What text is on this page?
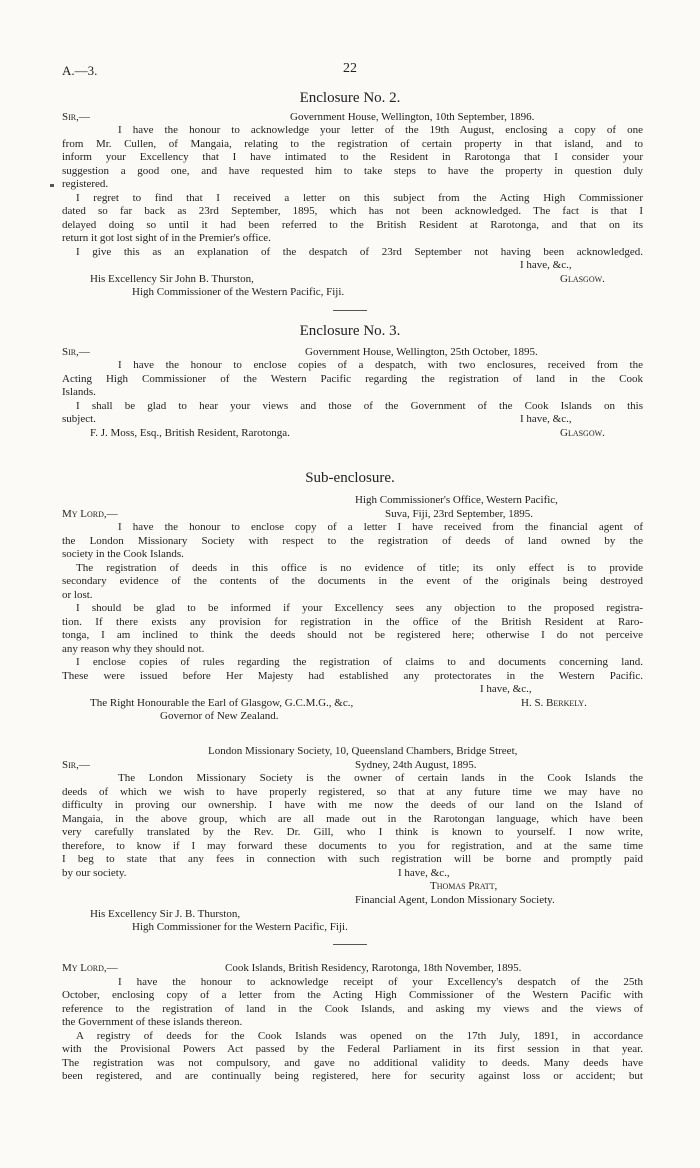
A.—3.	22
Enclosure No. 2.
Sir,—	Government House, Wellington, 10th September, 1896.
I have the honour to acknowledge your letter of the 19th August, enclosing a copy of one
from Mr. Cullen, of Mangaia, relating to the registration of certain property in that island, and to
inform your Excellency that I have intimated to the Resident in Rarotonga that I consider your
suggestion a good one, and have requested him to take steps to have the property in question duly
registered.
I regret to find that I received a letter on this subject from the Acting High Commissioner
dated so far back as 23rd September, 1895, which has not been acknowledged. The fact is that I
delayed doing so until it had been referred to the British Resident at Rarotonga, and that on its
return it got lost sight of in the Premier's office.
I give this as an explanation of the despatch of 23rd September not having been acknowledged.
I have, &c.,
His Excellency Sir John B. Thurston,	Glasgow.
High Commissioner of the Western Pacific, Fiji.
Enclosure No. 3.
Sir,—	Government House, Wellington, 25th October, 1895.
I have the honour to enclose copies of a despatch, with two enclosures, received from the
Acting High Commissioner of the Western Pacific regarding the registration of land in the Cook
Islands.
I shall be glad to hear your views and those of the Government of the Cook Islands on this
subject.	I have, &c.,
F. J. Moss, Esq., British Resident, Rarotonga.	Glasgow.
Sub-enclosure.
High Commissioner's Office, Western Pacific,
My Lord,—	Suva, Fiji, 23rd September, 1895.
I have the honour to enclose copy of a letter I have received from the financial agent of
the London Missionary Society with respect to the registration of deeds of land owned by the
society in the Cook Islands.
The registration of deeds in this office is no evidence of title; its only effect is to provide
secondary evidence of the contents of the documents in the event of the originals being destroyed
or lost.
I should be glad to be informed if your Excellency sees any objection to the proposed registra-
tion. If there exists any provision for registration in the office of the British Resident at Raro-
tonga, I am inclined to think the deeds should not be registered here; otherwise I do not perceive
any reason why they should not.
I enclose copies of rules regarding the registration of claims to and documents concerning land.
These were issued before Her Majesty had established any protectorates in the Western Pacific.
I have, &c.,
The Right Honourable the Earl of Glasgow, G.C.M.G., &c.,	H. S. Berkely.
Governor of New Zealand.
London Missionary Society, 10, Queensland Chambers, Bridge Street,
Sir,—	Sydney, 24th August, 1895.
The London Missionary Society is the owner of certain lands in the Cook Islands the
deeds of which we wish to have properly registered, so that at any future time we may have no
difficulty in proving our ownership. I have with me now the deeds of our land on the Island of
Mangaia, in the above group, which are all made out in the Rarotongan language, which have been
very carefully translated by the Rev. Dr. Gill, who I think is known to yourself. I now write,
therefore, to know if I may forward these documents to you for registration, and at the same time
I beg to state that any fees in connection with such registration will be borne and promptly paid
by our society.	I have, &c.,
Thomas Pratt,
Financial Agent, London Missionary Society.
His Excellency Sir J. B. Thurston,
High Commissioner for the Western Pacific, Fiji.
My Lord,—	Cook Islands, British Residency, Rarotonga, 18th November, 1895.
I have the honour to acknowledge receipt of your Excellency's despatch of the 25th
October, enclosing copy of a letter from the Acting High Commissioner of the Western Pacific with
reference to the registration of land in the Cook Islands, and asking my views and the views of
the Government of these islands thereon.
A registry of deeds for the Cook Islands was opened on the 17th July, 1891, in accordance
with the Provisional Powers Act passed by the Federal Parliament in its first session in that year.
The registration was not compulsory, and gave no additional validity to deeds. Many deeds have
been registered, and are continually being registered, here for security against loss or accident; but
